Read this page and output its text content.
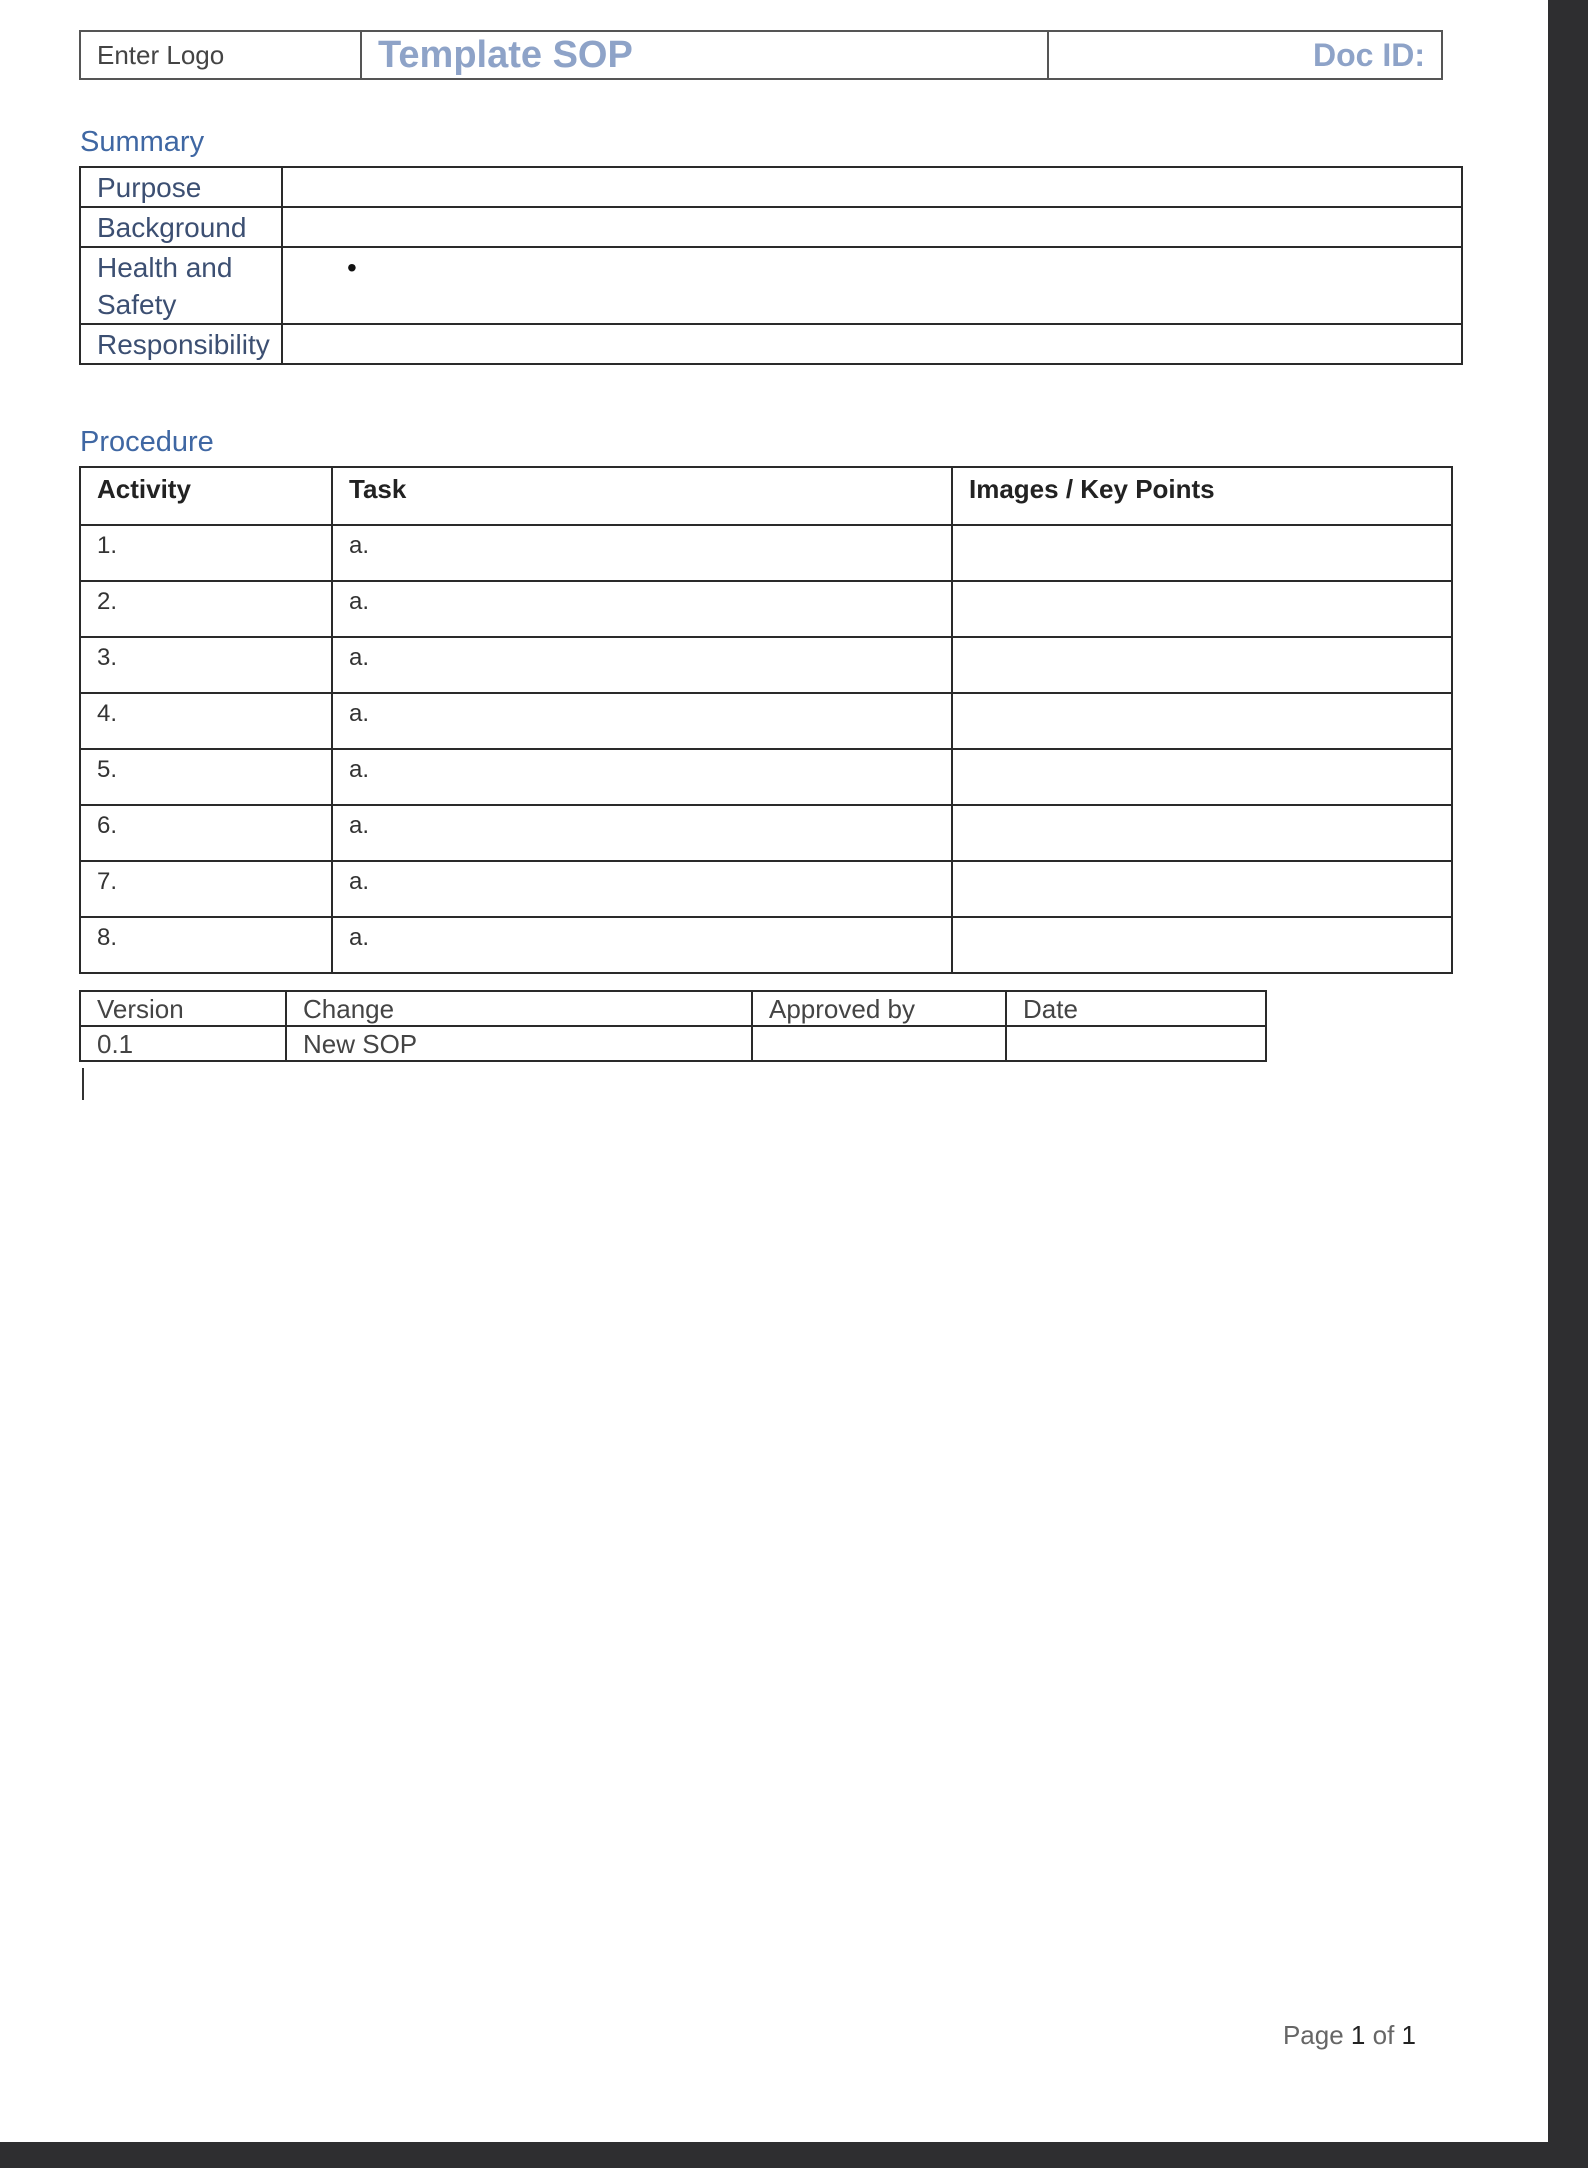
Enter Logo	Template SOP	Doc ID:
Summary
Purpose	
Background	
Health and Safety	•
Responsibility	
Procedure
Activity	Task	Images / Key Points
1.	a.	
2.	a.	
3.	a.	
4.	a.	
5.	a.	
6.	a.	
7.	a.	
8.	a.	
Version	Change	Approved by	Date
0.1	New SOP		
Page 1 of 1
